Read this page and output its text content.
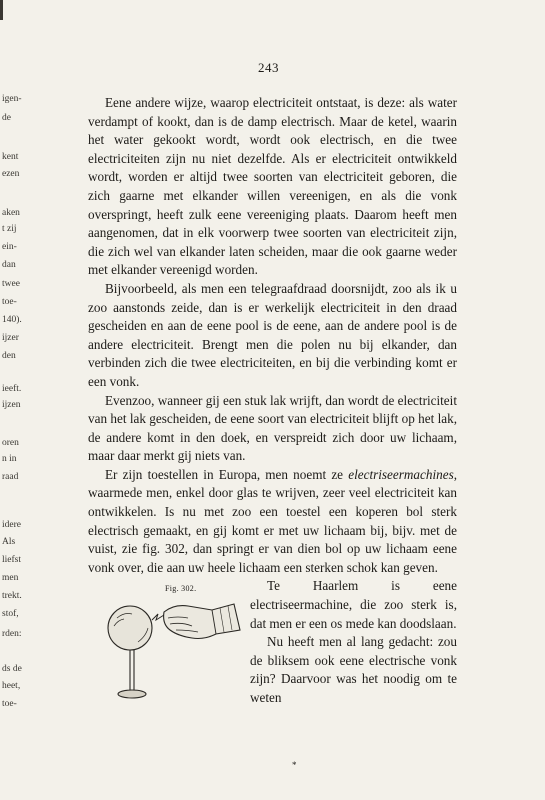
igen-
de
kent
ezen
aken
t zij
ein-
dan
twee
toe-
140).
ijzer
den
ieeft.
ijzen
oren
n in
raad
idere
Als
liefst
men
trekt.
stof,
rden:
ds de
heet,
toe-
243

Eene andere wijze, waarop electriciteit ontstaat, is deze: als water verdampt of kookt, dan is de damp electrisch. Maar de ketel, waarin het water gekookt wordt, wordt ook electrisch, en die twee electriciteiten zijn nu niet dezelfde. Als er electriciteit ontwikkeld wordt, worden er altijd twee soorten van electriciteit geboren, die zich gaarne met elkander willen vereenigen, en als die vonk overspringt, heeft zulk eene vereeniging plaats. Daarom heeft men aangenomen, dat in elk voorwerp twee soorten van electriciteit zijn, die zich wel van elkander laten scheiden, maar die ook gaarne weder met elkander vereenigd worden.

Bijvoorbeeld, als men een telegraafdraad doorsnijdt, zoo als ik u zoo aanstonds zeide, dan is er werkelijk electriciteit in den draad gescheiden en aan de eene pool is de eene, aan de andere pool is de andere electriciteit. Brengt men die polen nu bij elkander, dan verbinden zich die twee electriciteiten, en bij die verbinding komt er een vonk.

Evenzoo, wanneer gij een stuk lak wrijft, dan wordt de electriciteit van het lak gescheiden, de eene soort van electriciteit blijft op het lak, de andere komt in den doek, en verspreidt zich door uw lichaam, maar daar merkt gij niets van.

Er zijn toestellen in Europa, men noemt ze electriseermachines, waarmede men, enkel door glas te wrijven, zeer veel electriciteit kan ontwikkelen. Is nu met zoo een toestel een koperen bol sterk electrisch gemaakt, en gij komt er met uw lichaam bij, bijv. met de vuist, zie fig. 302, dan springt er van dien bol op uw lichaam eene vonk over, die aan uw heele lichaam een sterken schok kan geven.

Fig. 302.	Te Haarlem is eene electriseermachine, die zoo sterk is, dat men er een os mede kan doodslaan.

Nu heeft men al lang gedacht: zou de bliksem ook eene electrische vonk zijn? Daarvoor was het noodig om te weten

*
